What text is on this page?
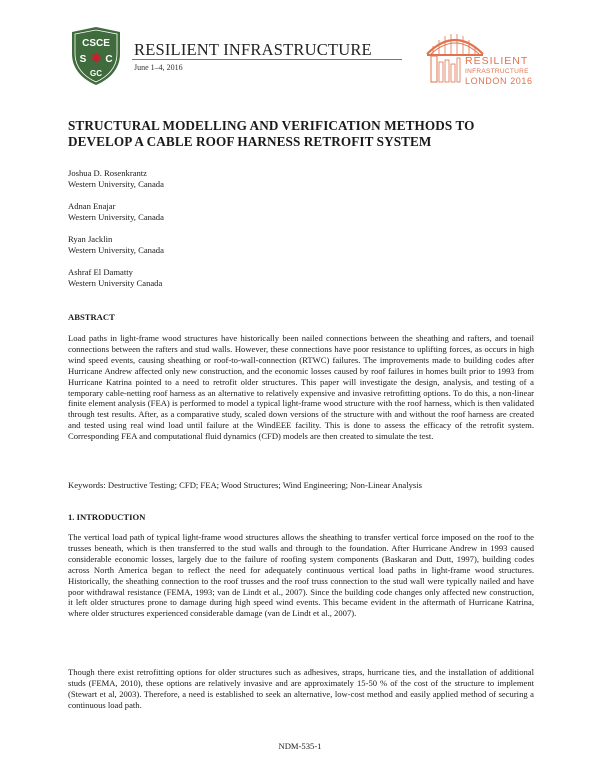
CSCE
S C
GC
RESILIENT INFRASTRUCTURE
June 1–4, 2016
RESILIENT
INFRASTRUCTURE
LONDON 2016
STRUCTURAL MODELLING AND VERIFICATION METHODS TO
DEVELOP A CABLE ROOF HARNESS RETROFIT SYSTEM
Joshua D. Rosenkrantz
Western University, Canada
Adnan Enajar
Western University, Canada
Ryan Jacklin
Western University, Canada
Ashraf El Damatty
Western University Canada
ABSTRACT
Load paths in light-frame wood structures have historically been nailed connections between the sheathing and rafters, and toenail connections between the rafters and stud walls. However, these connections have poor resistance to uplifting forces, as occurs in high wind speed events, causing sheathing or roof-to-wall-connection (RTWC) failures. The improvements made to building codes after Hurricane Andrew affected only new construction, and the economic losses caused by roof failures in homes built prior to 1993 from Hurricane Katrina pointed to a need to retrofit older structures. This paper will investigate the design, analysis, and testing of a temporary cable-netting roof harness as an alternative to relatively expensive and invasive retrofitting options. To do this, a non-linear finite element analysis (FEA) is performed to model a typical light-frame wood structure with the roof harness, which is then validated through test results. After, as a comparative study, scaled down versions of the structure with and without the roof harness are created and tested using real wind load until failure at the WindEEE facility. This is done to assess the efficacy of the retrofit system. Corresponding FEA and computational fluid dynamics (CFD) models are then created to simulate the test.
Keywords: Destructive Testing; CFD; FEA; Wood Structures; Wind Engineering; Non-Linear Analysis
1. INTRODUCTION
The vertical load path of typical light-frame wood structures allows the sheathing to transfer vertical force imposed on the roof to the trusses beneath, which is then transferred to the stud walls and through to the foundation. After Hurricane Andrew in 1993 caused considerable economic losses, largely due to the failure of roofing system components (Baskaran and Dutt, 1997), building codes across North America began to reflect the need for adequately continuous vertical load paths in light-frame wood structures. Historically, the sheathing connection to the roof trusses and the roof truss connection to the stud wall were typically nailed and have poor withdrawal resistance (FEMA, 1993; van de Lindt et al., 2007). Since the building code changes only affected new construction, it left older structures prone to damage during high speed wind events. This became evident in the aftermath of Hurricane Katrina, where older structures experienced considerable damage (van de Lindt et al., 2007).
Though there exist retrofitting options for older structures such as adhesives, straps, hurricane ties, and the installation of additional studs (FEMA, 2010), these options are relatively invasive and are approximately 15-50 % of the cost of the structure to implement (Stewart et al, 2003). Therefore, a need is established to seek an alternative, low-cost method and easily applied method of securing a continuous load path.
NDM-535-1
